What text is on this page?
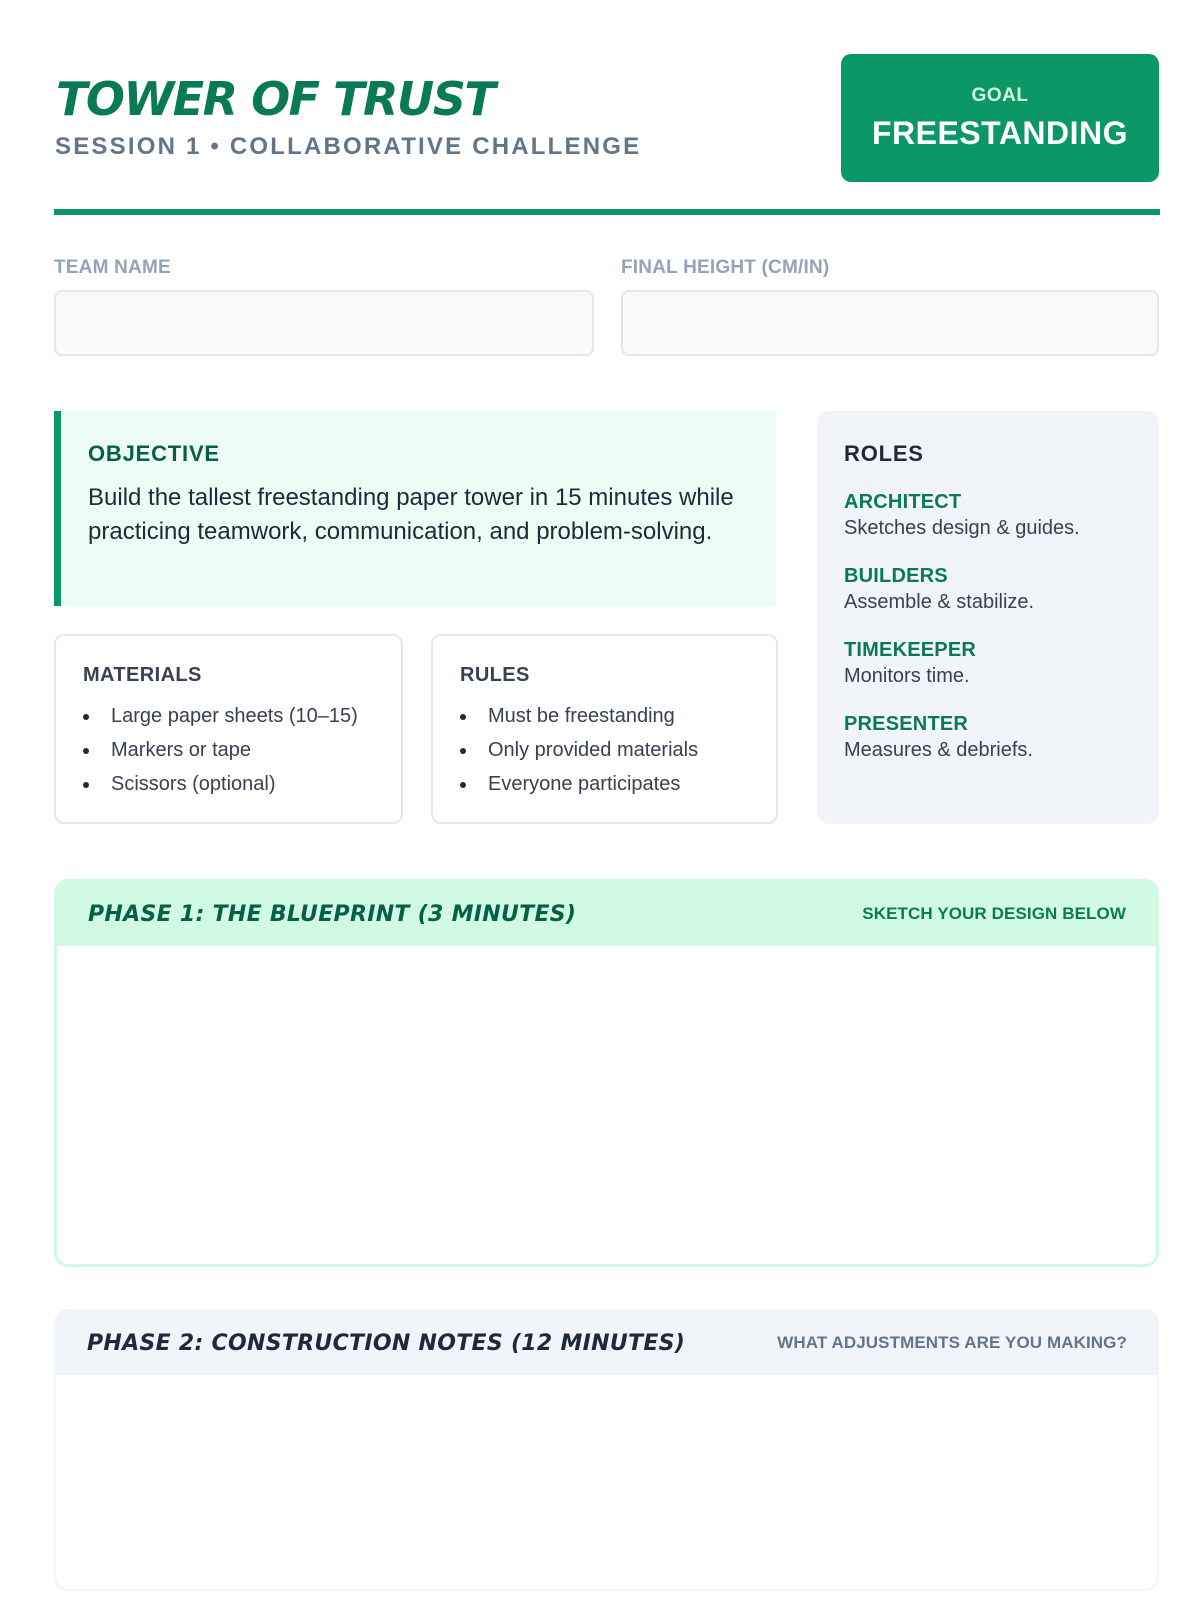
TOWER OF TRUST
SESSION 1 • COLLABORATIVE CHALLENGE
GOAL
FREESTANDING
TEAM NAME	FINAL HEIGHT (CM/IN)
OBJECTIVE
Build the tallest freestanding paper tower in 15 minutes while practicing teamwork, communication, and problem-solving.
MATERIALS
Large paper sheets (10–15)
Markers or tape
Scissors (optional)
RULES
Must be freestanding
Only provided materials
Everyone participates
ROLES
ARCHITECT
Sketches design & guides.
BUILDERS
Assemble & stabilize.
TIMEKEEPER
Monitors time.
PRESENTER
Measures & debriefs.
PHASE 1: THE BLUEPRINT (3 MINUTES)	SKETCH YOUR DESIGN BELOW
PHASE 2: CONSTRUCTION NOTES (12 MINUTES)	WHAT ADJUSTMENTS ARE YOU MAKING?
